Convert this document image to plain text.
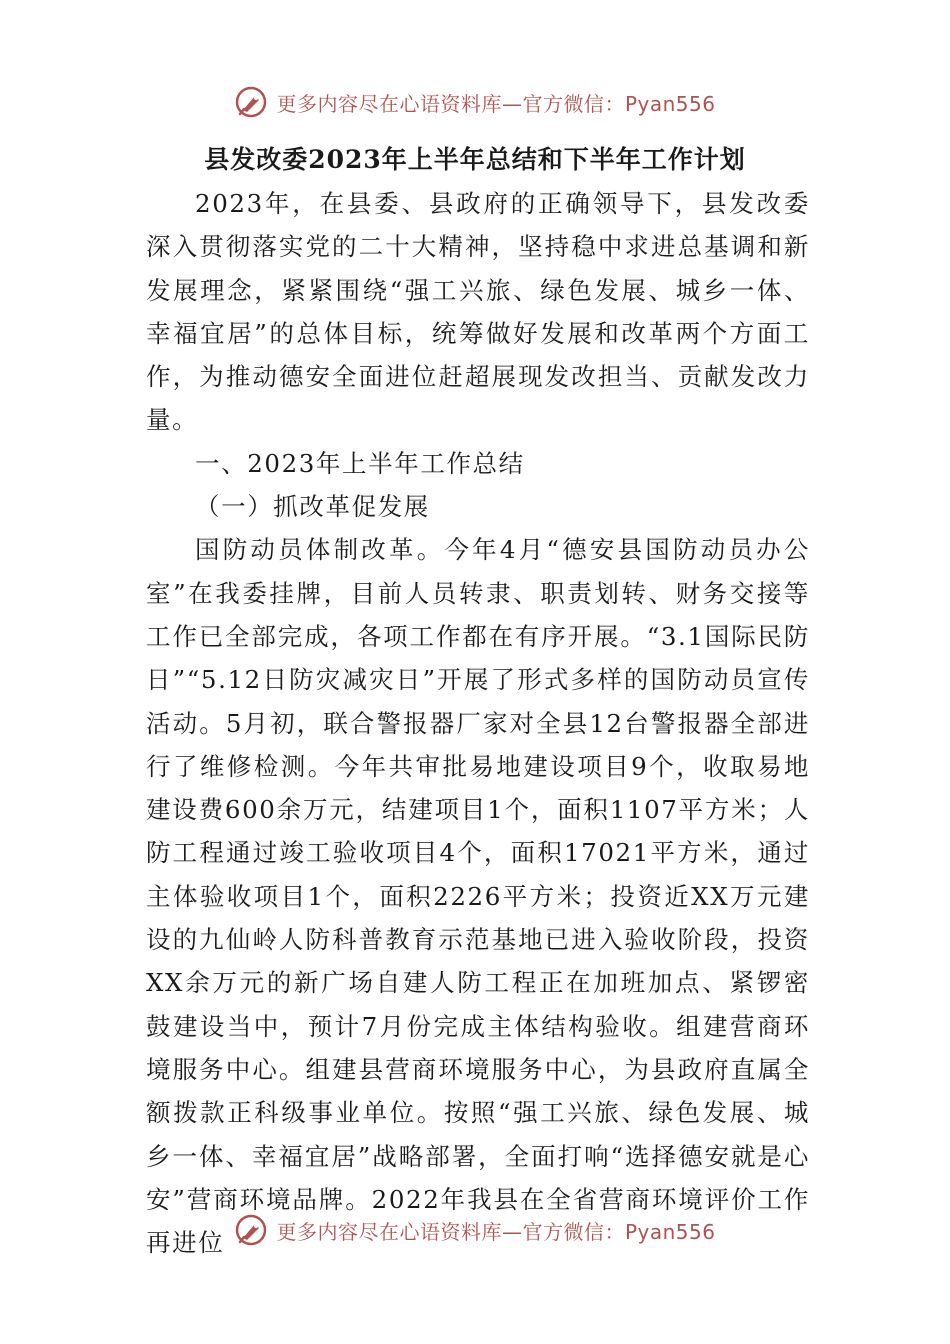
更多内容尽在心语资料库—官方微信：Pyan556
县发改委2023年上半年总结和下半年工作计划

2023年，在县委、县政府的正确领导下，县发改委深入贯彻落实党的二十大精神，坚持稳中求进总基调和新发展理念，紧紧围绕“强工兴旅、绿色发展、城乡一体、幸福宜居”的总体目标，统筹做好发展和改革两个方面工作，为推动德安全面进位赶超展现发改担当、贡献发改力量。

一、2023年上半年工作总结

（一）抓改革促发展

国防动员体制改革。今年4月“德安县国防动员办公室”在我委挂牌，目前人员转隶、职责划转、财务交接等工作已全部完成，各项工作都在有序开展。“3.1国际民防日”“5.12日防灾减灾日”开展了形式多样的国防动员宣传活动。5月初，联合警报器厂家对全县12台警报器全部进行了维修检测。今年共审批易地建设项目9个，收取易地建设费600余万元，结建项目1个，面积1107平方米；人防工程通过竣工验收项目4个，面积17021平方米，通过主体验收项目1个，面积2226平方米；投资近XX万元建设的九仙岭人防科普教育示范基地已进入验收阶段，投资XX余万元的新广场自建人防工程正在加班加点、紧锣密鼓建设当中，预计7月份完成主体结构验收。组建营商环境服务中心。组建县营商环境服务中心，为县政府直属全额拨款正科级事业单位。按照“强工兴旅、绿色发展、城乡一体、幸福宜居”战略部署，全面打响“选择德安就是心安”营商环境品牌。2022年我县在全省营商环境评价工作再进位	更多内容尽在心语资料库—官方微信：Pyan556
